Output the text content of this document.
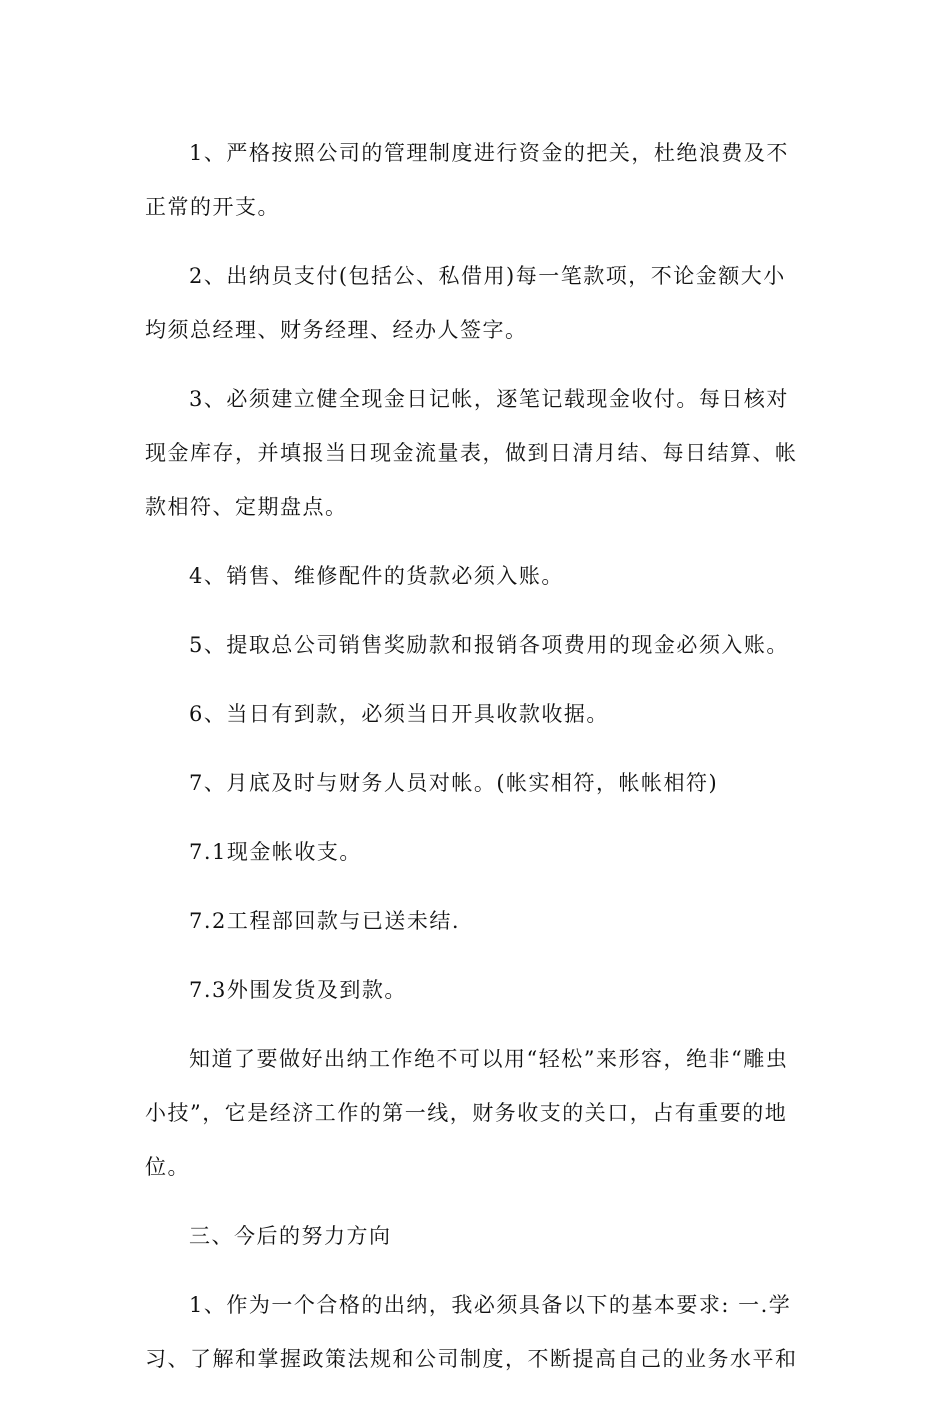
1、严格按照公司的管理制度进行资金的把关，杜绝浪费及不正常的开支。

2、出纳员支付(包括公、私借用)每一笔款项，不论金额大小均须总经理、财务经理、经办人签字。

3、必须建立健全现金日记帐，逐笔记载现金收付。每日核对现金库存，并填报当日现金流量表，做到日清月结、每日结算、帐款相符、定期盘点。

4、销售、维修配件的货款必须入账。

5、提取总公司销售奖励款和报销各项费用的现金必须入账。

6、当日有到款，必须当日开具收款收据。

7、月底及时与财务人员对帐。(帐实相符，帐帐相符)

7.1现金帐收支。

7.2工程部回款与已送未结.

7.3外围发货及到款。

知道了要做好出纳工作绝不可以用“轻松”来形容，绝非“雕虫小技”，它是经济工作的第一线，财务收支的关口，占有重要的地位。

三、今后的努力方向

1、作为一个合格的出纳，我必须具备以下的基本要求: 一.学习、了解和掌握政策法规和公司制度，不断提高自己的业务水平和
